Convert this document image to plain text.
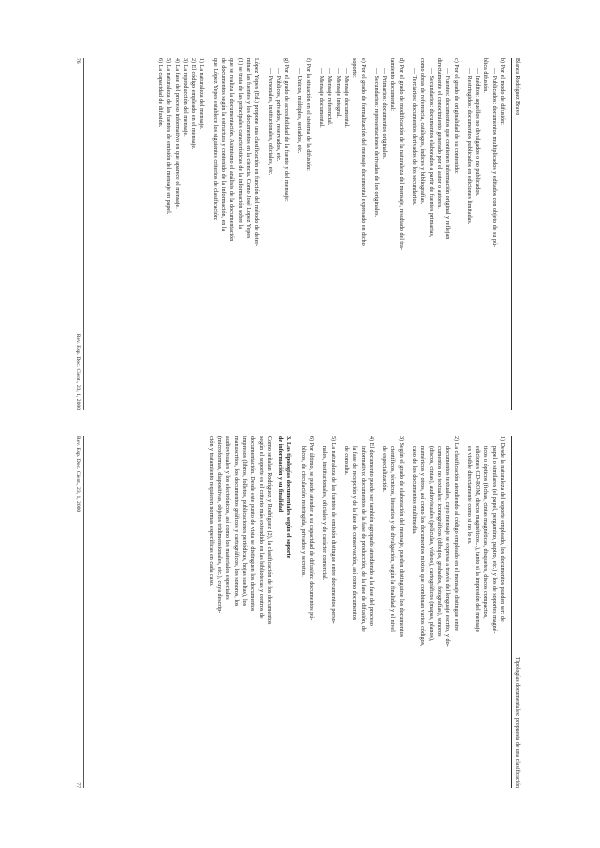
Blanca Rodríguez Bravo
b) Por el modo de difusión:
— Publicados: documentos multiplicados y editados con objeto de su pú-
blica difusión.
— Inéditos: aquellos no divulgados o no publicados.
— Restringidos: documentos publicados en ediciones limitadas.
c) Por el grado de originalidad de su contenido:
— Fuentes: documentos que contienen información original y reflejan
directamente el conocimiento generado por el autor o autores.
— Secundarios: documentos elaborados a partir de fuentes primarias,
como obras de referencia, catálogos, índices y bibliografías.
— Terciarios: documentos derivados de los secundarios.
d) Por el grado de modificación de la naturaleza del mensaje, resultado del tra-
tamiento documental:
— Primarios: documentos originales.
— Secundarios: representaciones derivadas de los originales.
e) Por el grado de formalización del mensaje documental expresado en dicho
soporte:
— Mensaje documental.
— Mensaje integral.
— Mensaje referencial.
— Mensaje documental.
f) Por la situación en el sistema de la difusión:
— Unicos, múltiples, seriados, etc.
g) Por el grado de accesibilidad de la fuente y del mensaje:
— Públicos, privados, reservados, etc.
— Personales, institucionales, oficiales, etc.
López Yepes (Ed.) propone una clasificación en función del método de deter-
minar las fuentes y los documentos en la ciencia. Como José Lopez Yepes
(1) se trata de las principales características de la información sobre la
que se realiza la documentación. Asimismo el análisis de la documentación
de documentos según la estructura y contenido de la información, en la
que López Yepes establece los siguientes criterios de clasificación:
1) La naturaleza del mensaje.
2) El código empleado en el mensaje.
3) La reproducción del mensaje.
4) La fase del proceso informativo en que aparece el mensaje.
5) La naturaleza de las fuentes de emisión del mensaje en papel.
6) La capacidad de difusión.
76
Rev. Esp. Doc. Cient., 23, 1, 2000
Tipologías documentales: propuesta de una clasificación
1) Desde la naturaleza del soporte empleado, los documentos pueden ser: de
papel o similares (el papel, pergamino, papiro, etc.) y los de soportes magné-
ticos o ópticos (fichas, cintas magnéticas, disquetes, discos compactos,
ediciones CD-ROM, discos magnéticos...), tanto si la impresión del mensaje
es visible directamente como si no lo es.
2) La clasificación atendiendo al código empleado en el mensaje distingue entre
documentos textuales, cuyo mensaje se expresa a través del lenguaje escrito, y do-
cumentos no textuales: iconográficos (dibujos, grabados, fotografías), sonoros
(discos, cintas), audiovisuales (películas, vídeos), cartográficos (mapas, planos),
numéricos y otros, así como los documentos mixtos que combinan varios códigos,
caso de los documentos multimedia.
3) Según el grado de elaboración del mensaje, pueden distinguirse los documentos
científicos, técnicos, literarios y de divulgación, según la finalidad y el nivel
de especialización.
4) El documento puede ser también agrupado atendiendo a la fase del proceso
informativo: documentos de la fase de producción, de la fase de difusión, de
la fase de recepción y de la fase de conservación, así como documentos
de consulta.
5) La naturaleza de las fuentes de emisión distingue entre documentos perso-
nales, institucionales, oficiales y de carácter comercial.
6) Por último, se puede atender a su capacidad de difusión: documentos pú-
blicos, de circulación restringida, privados y secretos.
3. Las tipologías documentales según el soporte
de información y su finalidad
Como señalan Rodríguez y Rodríguez (2), la clasificación de los documentos
según el soporte es el criterio más extendido en las bibliotecas y centros de
documentación. Desde este punto de vista se distinguen los documentos
impresos (libros, folletos, publicaciones periódicas, hojas sueltas), los
manuscritos, los documentos gráficos y cartográficos, los sonoros, los
audiovisuales y los electrónicos, así como los materiales especiales
(microformas, diapositivas, objetos tridimensionales, etc.), cuya descrip-
ción y tratamiento requieren normas específicas en cada caso.
Rev. Esp. Doc. Cient., 23, 1, 2000
77
